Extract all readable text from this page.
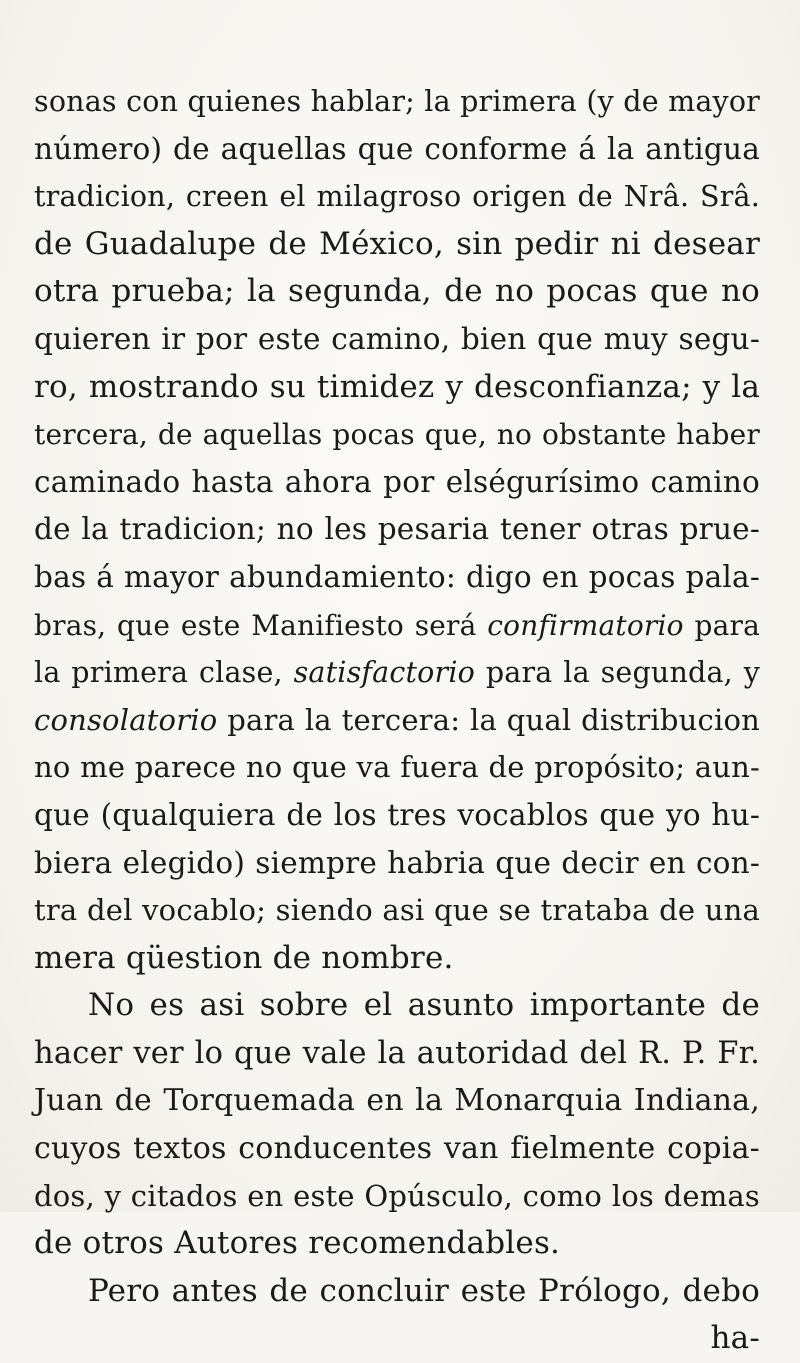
sonas con quienes hablar; la primera (y de mayor
número) de aquellas que conforme á la antigua
tradicion, creen el milagroso origen de Nrâ. Srâ.
de Guadalupe de México, sin pedir ni desear
otra prueba; la segunda, de no pocas que no
quieren ir por este camino, bien que muy segu-
ro, mostrando su timidez y desconfianza; y la
tercera, de aquellas pocas que, no obstante haber
caminado hasta ahora por elségurísimo camino
de la tradicion; no les pesaria tener otras prue-
bas á mayor abundamiento: digo en pocas pala-
bras, que este Manifiesto será confirmatorio para
la primera clase, satisfactorio para la segunda, y
consolatorio para la tercera: la qual distribucion
no me parece no que va fuera de propósito; aun-
que (qualquiera de los tres vocablos que yo hu-
biera elegido) siempre habria que decir en con-
tra del vocablo; siendo asi que se trataba de una
mera qüestion de nombre.
No es asi sobre el asunto importante de
hacer ver lo que vale la autoridad del R. P. Fr.
Juan de Torquemada en la Monarquia Indiana,
cuyos textos conducentes van fielmente copia-
dos, y citados en este Opúsculo, como los demas
de otros Autores recomendables.
Pero antes de concluir este Prólogo, debo
ha-
